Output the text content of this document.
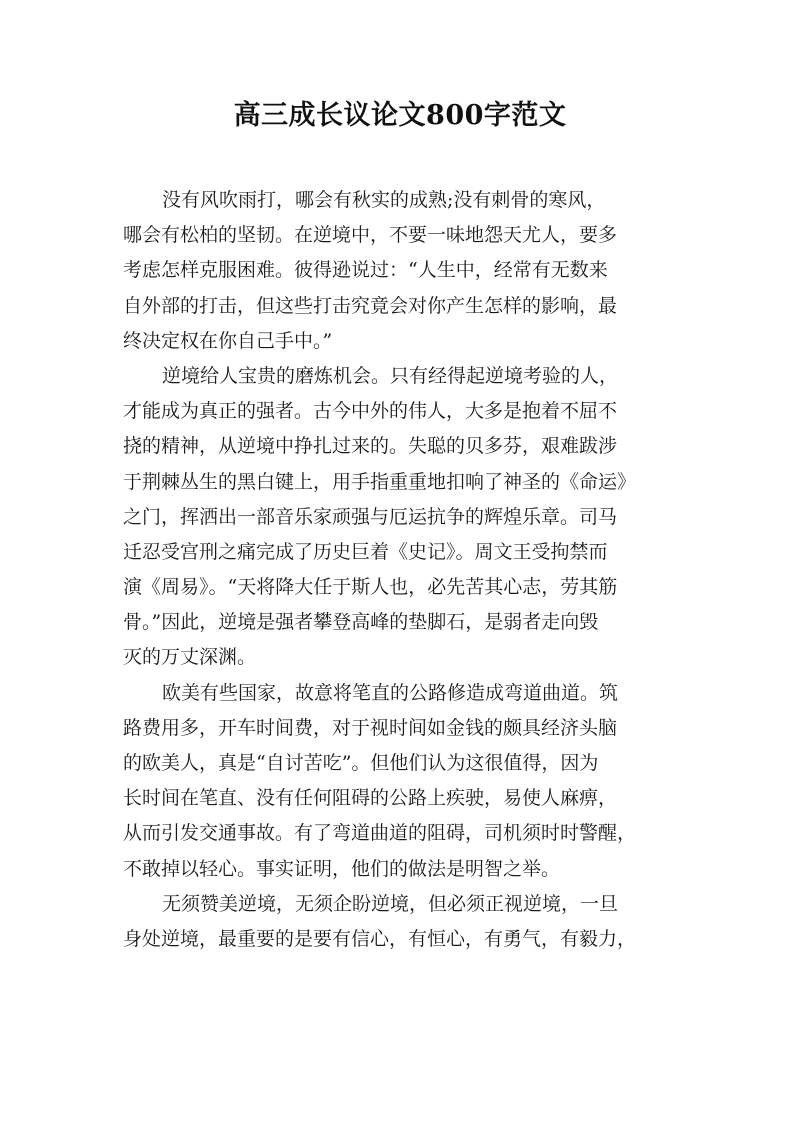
高三成长议论文800字范文
没有风吹雨打，哪会有秋实的成熟;没有刺骨的寒风，
哪会有松柏的坚韧。在逆境中，不要一味地怨天尤人，要多
考虑怎样克服困难。彼得逊说过：“人生中，经常有无数来
自外部的打击，但这些打击究竟会对你产生怎样的影响，最
终决定权在你自己手中。”
逆境给人宝贵的磨炼机会。只有经得起逆境考验的人，
才能成为真正的强者。古今中外的伟人，大多是抱着不屈不
挠的精神，从逆境中挣扎过来的。失聪的贝多芬，艰难跋涉
于荆棘丛生的黑白键上，用手指重重地扣响了神圣的《命运》
之门，挥洒出一部音乐家顽强与厄运抗争的辉煌乐章。司马
迁忍受宫刑之痛完成了历史巨着《史记》。周文王受拘禁而
演《周易》。“天将降大任于斯人也，必先苦其心志，劳其筋
骨。”因此，逆境是强者攀登高峰的垫脚石，是弱者走向毁
灭的万丈深渊。
欧美有些国家，故意将笔直的公路修造成弯道曲道。筑
路费用多，开车时间费，对于视时间如金钱的颇具经济头脑
的欧美人，真是“自讨苦吃”。但他们认为这很值得，因为
长时间在笔直、没有任何阻碍的公路上疾驶，易使人麻痹，
从而引发交通事故。有了弯道曲道的阻碍，司机须时时警醒，
不敢掉以轻心。事实证明，他们的做法是明智之举。
无须赞美逆境，无须企盼逆境，但必须正视逆境，一旦
身处逆境，最重要的是要有信心，有恒心，有勇气，有毅力，
